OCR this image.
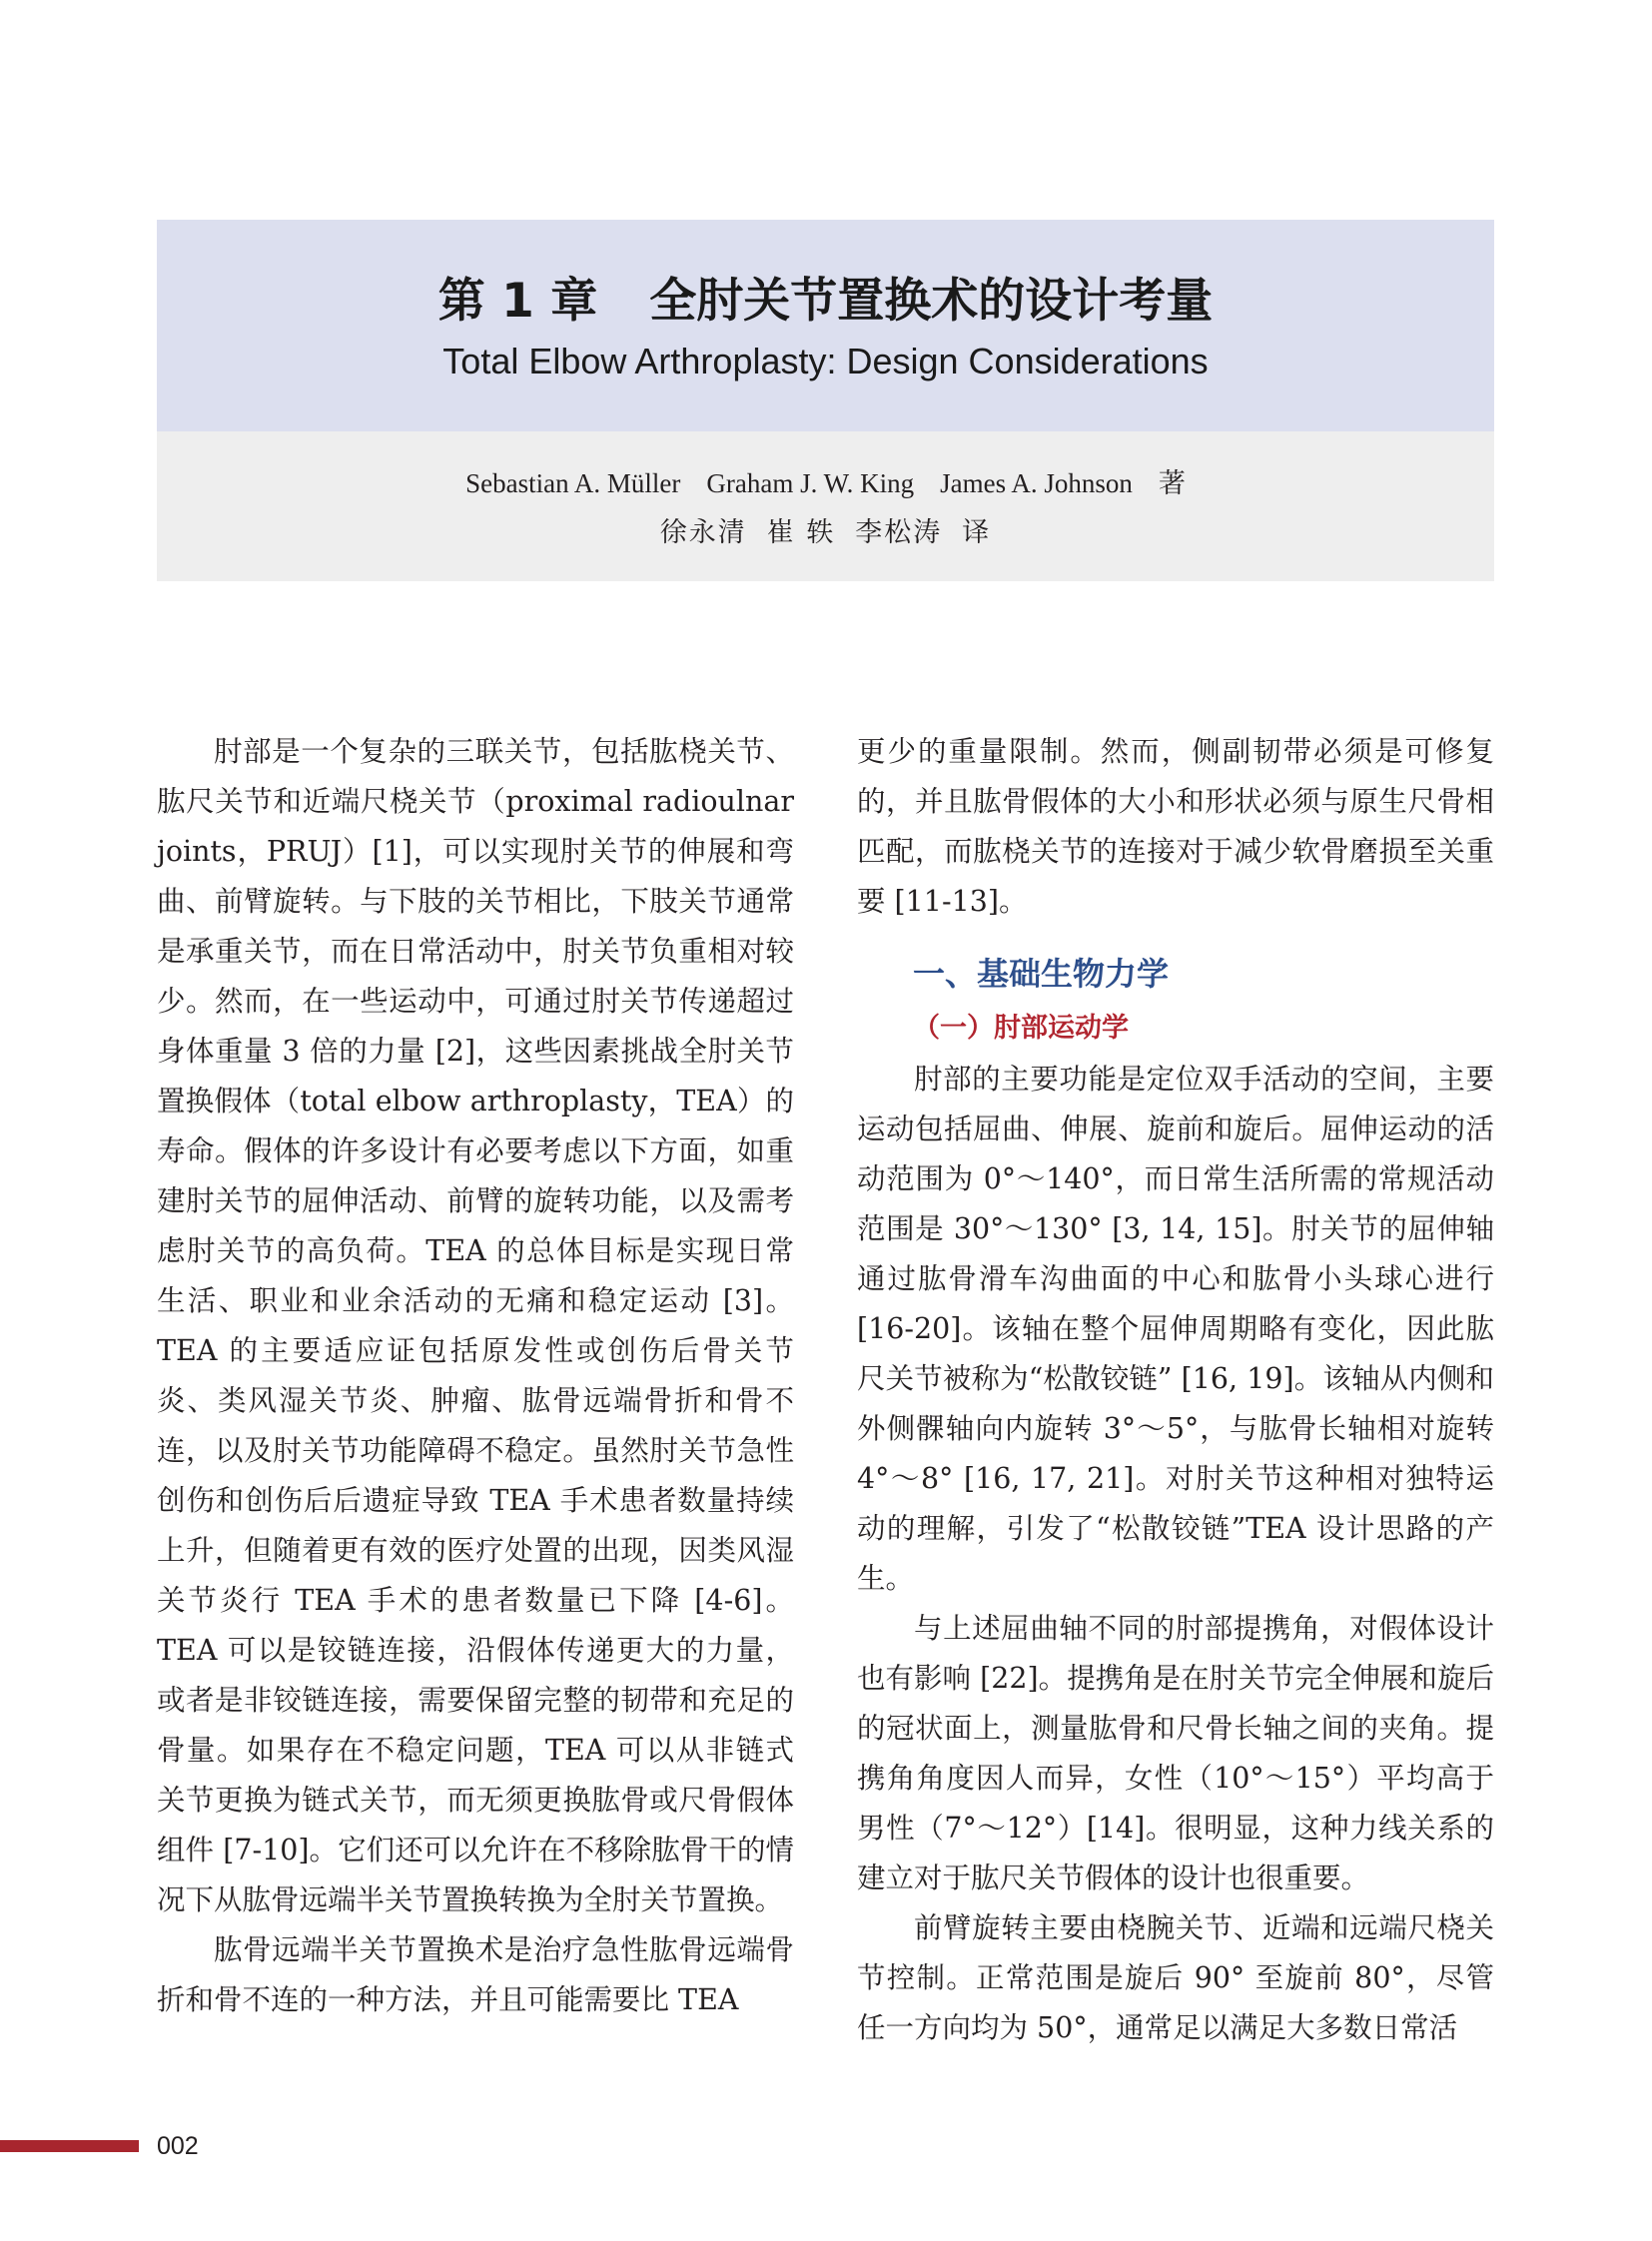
第 1 章 全肘关节置换术的设计考量
Total Elbow Arthroplasty: Design Considerations
Sebastian A. Müller Graham J. W. King James A. Johnson 著
徐永清 崔 轶 李松涛 译

肘部是一个复杂的三联关节，包括肱桡关节、肱尺关节和近端尺桡关节（proximal radioulnar joints，PRUJ）[1]，可以实现肘关节的伸展和弯曲、前臂旋转。与下肢的关节相比，下肢关节通常是承重关节，而在日常活动中，肘关节负重相对较少。然而，在一些运动中，可通过肘关节传递超过身体重量 3 倍的力量 [2]，这些因素挑战全肘关节置换假体（total elbow arthroplasty，TEA）的寿命。假体的许多设计有必要考虑以下方面，如重建肘关节的屈伸活动、前臂的旋转功能，以及需考虑肘关节的高负荷。TEA 的总体目标是实现日常生活、职业和业余活动的无痛和稳定运动 [3]。TEA 的主要适应证包括原发性或创伤后骨关节炎、类风湿关节炎、肿瘤、肱骨远端骨折和骨不连，以及肘关节功能障碍不稳定。虽然肘关节急性创伤和创伤后后遗症导致 TEA 手术患者数量持续上升，但随着更有效的医疗处置的出现，因类风湿关节炎行 TEA 手术的患者数量已下降 [4-6]。TEA 可以是铰链连接，沿假体传递更大的力量，或者是非铰链连接，需要保留完整的韧带和充足的骨量。如果存在不稳定问题，TEA 可以从非链式关节更换为链式关节，而无须更换肱骨或尺骨假体组件 [7-10]。它们还可以允许在不移除肱骨干的情况下从肱骨远端半关节置换转换为全肘关节置换。

肱骨远端半关节置换术是治疗急性肱骨远端骨折和骨不连的一种方法，并且可能需要比 TEA

更少的重量限制。然而，侧副韧带必须是可修复的，并且肱骨假体的大小和形状必须与原生尺骨相匹配，而肱桡关节的连接对于减少软骨磨损至关重要 [11-13]。

一、基础生物力学
（一）肘部运动学

肘部的主要功能是定位双手活动的空间，主要运动包括屈曲、伸展、旋前和旋后。屈伸运动的活动范围为 0°～140°，而日常生活所需的常规活动范围是 30°～130° [3, 14, 15]。肘关节的屈伸轴通过肱骨滑车沟曲面的中心和肱骨小头球心进行 [16-20]。该轴在整个屈伸周期略有变化，因此肱尺关节被称为“松散铰链” [16, 19]。该轴从内侧和外侧髁轴向内旋转 3°～5°，与肱骨长轴相对旋转 4°～8° [16, 17, 21]。对肘关节这种相对独特运动的理解，引发了“松散铰链”TEA 设计思路的产生。

与上述屈曲轴不同的肘部提携角，对假体设计也有影响 [22]。提携角是在肘关节完全伸展和旋后的冠状面上，测量肱骨和尺骨长轴之间的夹角。提携角角度因人而异，女性（10°～15°）平均高于男性（7°～12°）[14]。很明显，这种力线关系的建立对于肱尺关节假体的设计也很重要。

前臂旋转主要由桡腕关节、近端和远端尺桡关节控制。正常范围是旋后 90° 至旋前 80°，尽管任一方向均为 50°，通常足以满足大多数日常活

002
